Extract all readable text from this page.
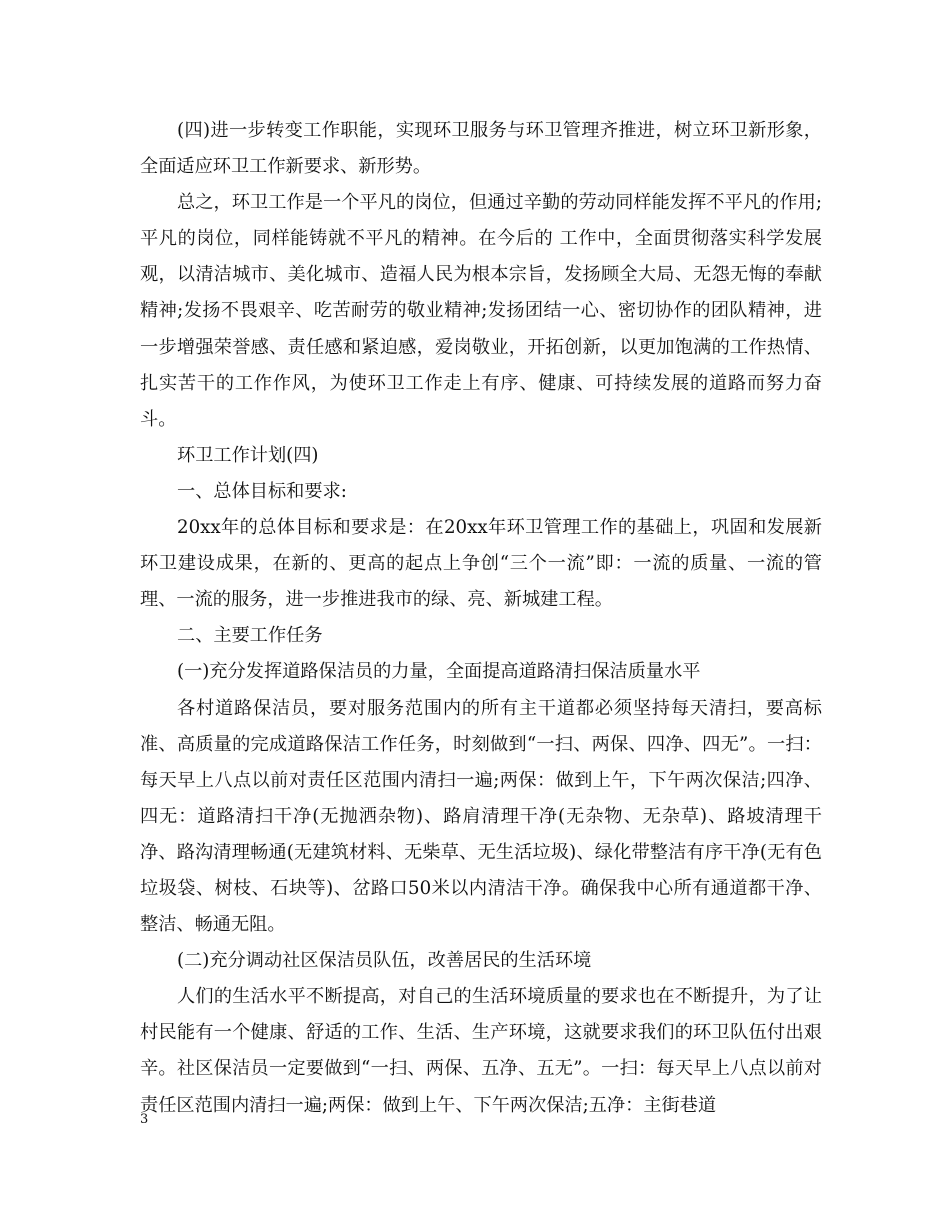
(四)进一步转变工作职能，实现环卫服务与环卫管理齐推进，树立环卫新形象，全面适应环卫工作新要求、新形势。

总之，环卫工作是一个平凡的岗位，但通过辛勤的劳动同样能发挥不平凡的作用;平凡的岗位，同样能铸就不平凡的精神。在今后的 工作中，全面贯彻落实科学发展观，以清洁城市、美化城市、造福人民为根本宗旨，发扬顾全大局、无怨无悔的奉献精神;发扬不畏艰辛、吃苦耐劳的敬业精神;发扬团结一心、密切协作的团队精神，进一步增强荣誉感、责任感和紧迫感，爱岗敬业，开拓创新，以更加饱满的工作热情、扎实苦干的工作作风，为使环卫工作走上有序、健康、可持续发展的道路而努力奋斗。

环卫工作计划(四)

一、总体目标和要求:

20xx年的总体目标和要求是：在20xx年环卫管理工作的基础上，巩固和发展新环卫建设成果，在新的、更高的起点上争创“三个一流”即：一流的质量、一流的管理、一流的服务，进一步推进我市的绿、亮、新城建工程。

二、主要工作任务

(一)充分发挥道路保洁员的力量，全面提高道路清扫保洁质量水平

各村道路保洁员，要对服务范围内的所有主干道都必须坚持每天清扫，要高标准、高质量的完成道路保洁工作任务，时刻做到“一扫、两保、四净、四无”。一扫：每天早上八点以前对责任区范围内清扫一遍;两保：做到上午，下午两次保洁;四净、四无：道路清扫干净(无抛洒杂物)、路肩清理干净(无杂物、无杂草)、路坡清理干净、路沟清理畅通(无建筑材料、无柴草、无生活垃圾)、绿化带整洁有序干净(无有色垃圾袋、树枝、石块等)、岔路口50米以内清洁干净。确保我中心所有通道都干净、整洁、畅通无阻。

(二)充分调动社区保洁员队伍，改善居民的生活环境

人们的生活水平不断提高，对自己的生活环境质量的要求也在不断提升，为了让村民能有一个健康、舒适的工作、生活、生产环境，这就要求我们的环卫队伍付出艰辛。社区保洁员一定要做到“一扫、两保、五净、五无”。一扫：每天早上八点以前对责任区范围内清扫一遍;两保：做到上午、下午两次保洁;五净：主街巷道

3
